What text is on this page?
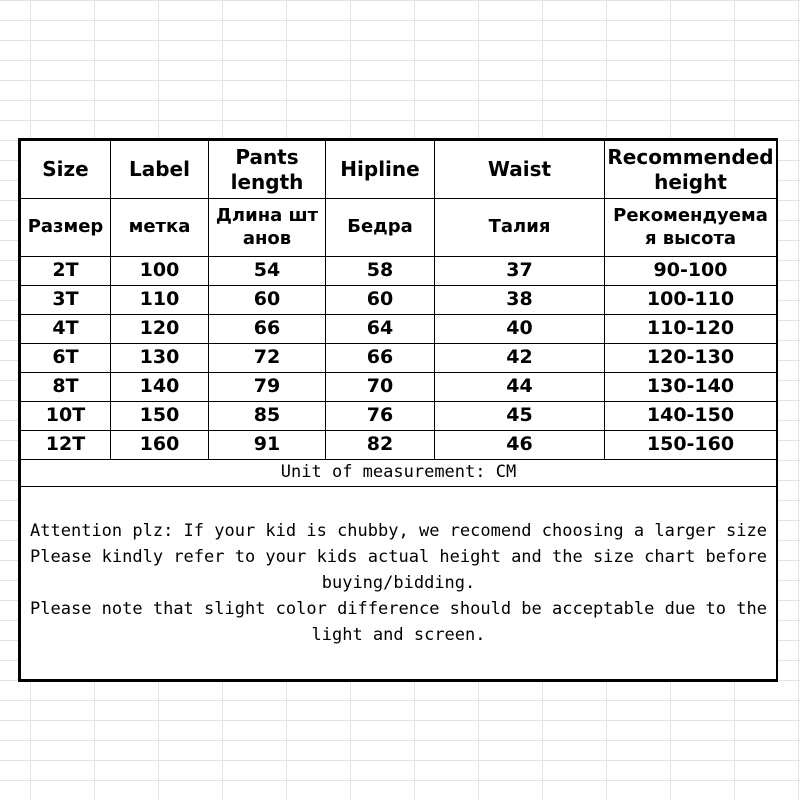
Size	Label	Pants length	Hipline	Waist	Recommended height
Размер	метка	Длина шт анов	Бедра	Талия	Рекомендуема я высота
2T	100	54	58	37	90-100
3T	110	60	60	38	100-110
4T	120	66	64	40	110-120
6T	130	72	66	42	120-130
8T	140	79	70	44	130-140
10T	150	85	76	45	140-150
12T	160	91	82	46	150-160
Unit of measurement: CM					

Attention plz: If your kid is chubby, we recomend choosing a larger size

Please kindly refer to your kids actual height and the size chart before buying/bidding.

Please note that slight color difference should be acceptable due to the light and screen.					
